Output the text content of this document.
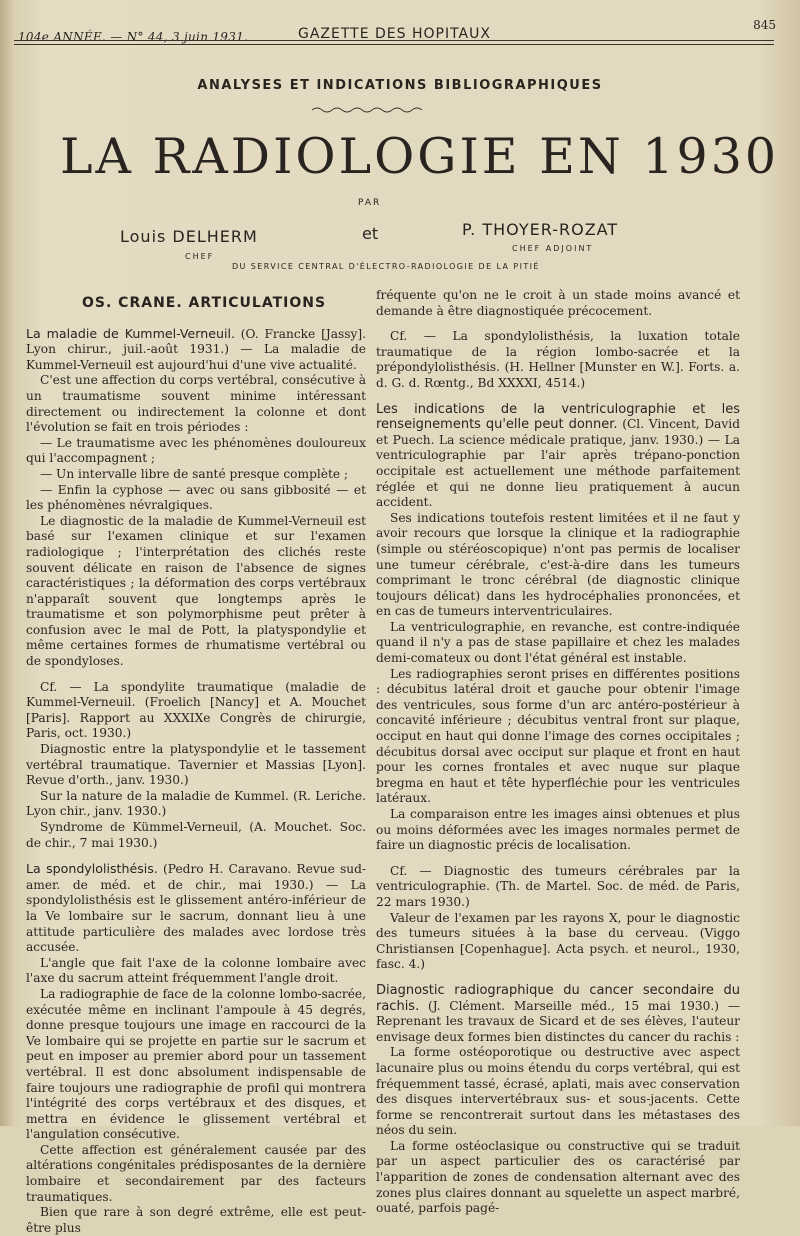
104e ANNÉE. — N° 44, 3 juin 1931.	GAZETTE DES HOPITAUX
845
ANALYSES ET INDICATIONS BIBLIOGRAPHIQUES
LA RADIOLOGIE EN 1930
PAR
Louis DELHERM	et	P. THOYER-ROZAT
CHEF
CHEF ADJOINT
DU SERVICE CENTRAL D'ÉLECTRO-RADIOLOGIE DE LA PITIÉ
OS. CRANE. ARTICULATIONS

La maladie de Kummel-Verneuil. (O. Francke [Jassy]. Lyon chirur., juil.-août 1931.) — La maladie de Kummel-Verneuil est aujourd'hui d'une vive actualité.

C'est une affection du corps vertébral, consécutive à un traumatisme souvent minime intéressant directement ou indirectement la colonne et dont l'évolution se fait en trois périodes :

— Le traumatisme avec les phénomènes douloureux qui l'accompagnent ;

— Un intervalle libre de santé presque complète ;

— Enfin la cyphose — avec ou sans gibbosité — et les phénomènes névralgiques.

Le diagnostic de la maladie de Kummel-Verneuil est basé sur l'examen clinique et sur l'examen radiologique ; l'interprétation des clichés reste souvent délicate en raison de l'absence de signes caractéristiques ; la déformation des corps vertébraux n'apparaît souvent que longtemps après le traumatisme et son polymorphisme peut prêter à confusion avec le mal de Pott, la platyspondylie et même certaines formes de rhumatisme vertébral ou de spondyloses.

Cf. — La spondylite traumatique (maladie de Kummel-Verneuil. (Froelich [Nancy] et A. Mouchet [Paris]. Rapport au XXXIXe Congrès de chirurgie, Paris, oct. 1930.)

Diagnostic entre la platyspondylie et le tassement vertébral traumatique. Tavernier et Massias [Lyon]. Revue d'orth., janv. 1930.)

Sur la nature de la maladie de Kummel. (R. Leriche. Lyon chir., janv. 1930.)

Syndrome de Kümmel-Verneuil, (A. Mouchet. Soc. de chir., 7 mai 1930.)

La spondylolisthésis. (Pedro H. Caravano. Revue sud-amer. de méd. et de chir., mai 1930.) — La spondylolisthésis est le glissement antéro-inférieur de la Ve lombaire sur le sacrum, donnant lieu à une attitude particulière des malades avec lordose très accusée.

L'angle que fait l'axe de la colonne lombaire avec l'axe du sacrum atteint fréquemment l'angle droit.

La radiographie de face de la colonne lombo-sacrée, exécutée même en inclinant l'ampoule à 45 degrés, donne presque toujours une image en raccourci de la Ve lombaire qui se projette en partie sur le sacrum et peut en imposer au premier abord pour un tassement vertébral. Il est donc absolument indispensable de faire toujours une radiographie de profil qui montrera l'intégrité des corps vertébraux et des disques, et mettra en évidence le glissement vertébral et l'angulation consécutive.

Cette affection est généralement causée par des altérations congénitales prédisposantes de la dernière lombaire et secondairement par des facteurs traumatiques.

Bien que rare à son degré extrême, elle est peut-être plus

fréquente qu'on ne le croit à un stade moins avancé et demande à être diagnostiquée précocement.

Cf. — La spondylolisthésis, la luxation totale traumatique de la région lombo-sacrée et la prépondylolisthésis. (H. Hellner [Munster en W.]. Forts. a. d. G. d. Rœntg., Bd XXXXI, 4514.)

Les indications de la ventriculographie et les renseignements qu'elle peut donner. (Cl. Vincent, David et Puech. La science médicale pratique, janv. 1930.) — La ventriculographie par l'air après trépano-ponction occipitale est actuellement une méthode parfaitement réglée et qui ne donne lieu pratiquement à aucun accident.

Ses indications toutefois restent limitées et il ne faut y avoir recours que lorsque la clinique et la radiographie (simple ou stéréoscopique) n'ont pas permis de localiser une tumeur cérébrale, c'est-à-dire dans les tumeurs comprimant le tronc cérébral (de diagnostic clinique toujours délicat) dans les hydrocéphalies prononcées, et en cas de tumeurs interventriculaires.

La ventriculographie, en revanche, est contre-indiquée quand il n'y a pas de stase papillaire et chez les malades demi-comateux ou dont l'état général est instable.

Les radiographies seront prises en différentes positions : décubitus latéral droit et gauche pour obtenir l'image des ventricules, sous forme d'un arc antéro-postérieur à concavité inférieure ; décubitus ventral front sur plaque, occiput en haut qui donne l'image des cornes occipitales ; décubitus dorsal avec occiput sur plaque et front en haut pour les cornes frontales et avec nuque sur plaque bregma en haut et tête hyperfléchie pour les ventricules latéraux.

La comparaison entre les images ainsi obtenues et plus ou moins déformées avec les images normales permet de faire un diagnostic précis de localisation.

Cf. — Diagnostic des tumeurs cérébrales par la ventriculographie. (Th. de Martel. Soc. de méd. de Paris, 22 mars 1930.)

Valeur de l'examen par les rayons X, pour le diagnostic des tumeurs situées à la base du cerveau. (Viggo Christiansen [Copenhague]. Acta psych. et neurol., 1930, fasc. 4.)

Diagnostic radiographique du cancer secondaire du rachis. (J. Clément. Marseille méd., 15 mai 1930.) — Reprenant les travaux de Sicard et de ses élèves, l'auteur envisage deux formes bien distinctes du cancer du rachis :

La forme ostéoporotique ou destructive avec aspect lacunaire plus ou moins étendu du corps vertébral, qui est fréquemment tassé, écrasé, aplati, mais avec conservation des disques intervertébraux sus- et sous-jacents. Cette forme se rencontrerait surtout dans les métastases des néos du sein.

La forme ostéoclasique ou constructive qui se traduit par un aspect particulier des os caractérisé par l'apparition de zones de condensation alternant avec des zones plus claires donnant au squelette un aspect marbré, ouaté, parfois pagé-
